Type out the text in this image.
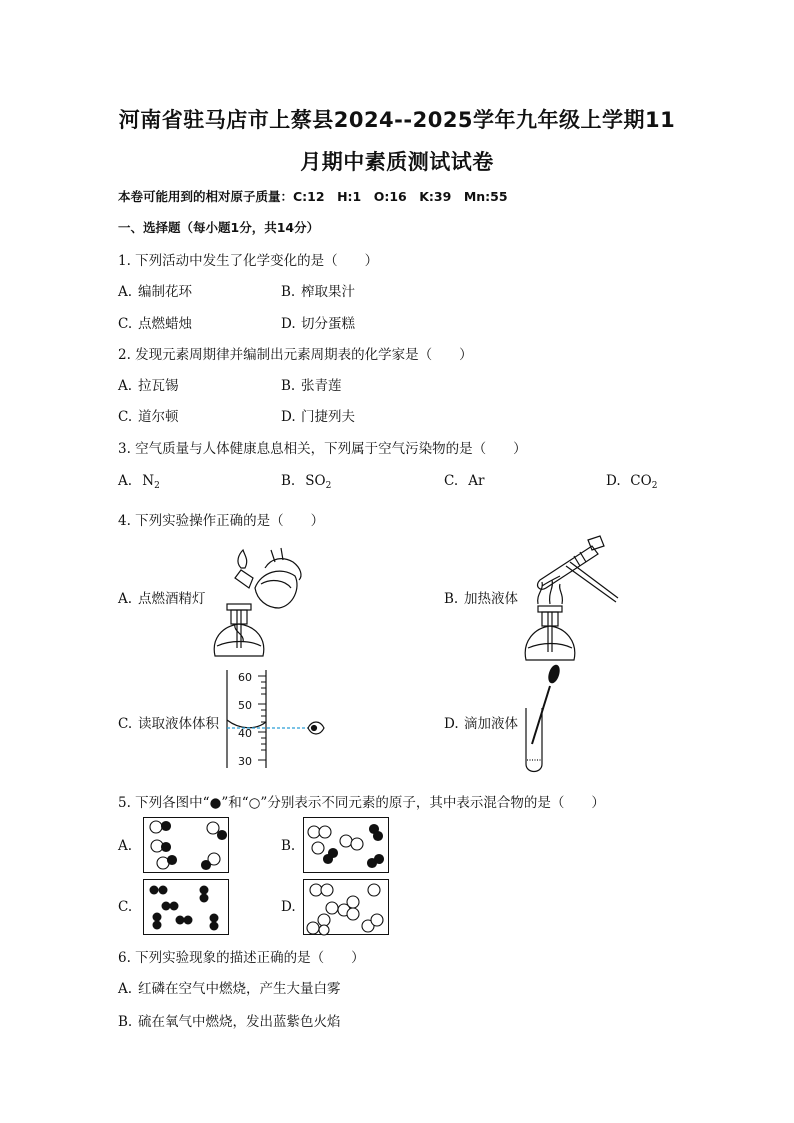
河南省驻马店市上蔡县2024--2025学年九年级上学期11
月期中素质测试试卷
本卷可能用到的相对原子质量：C:12　H:1　O:16　K:39　Mn:55
一、选择题（每小题1分，共14分）
1. 下列活动中发生了化学变化的是（　　）
A. 编制花环	B. 榨取果汁
C. 点燃蜡烛	D. 切分蛋糕
2. 发现元素周期律并编制出元素周期表的化学家是（　　）
A. 拉瓦锡	B. 张青莲
C. 道尔顿	D. 门捷列夫
3. 空气质量与人体健康息息相关，下列属于空气污染物的是（　　）
A. $N_2$	B. $SO_2$	C. Ar	D. $CO_2$
4. 下列实验操作正确的是（　　）
A. 点燃酒精灯	B. 加热液体
C. 读取液体体积
60
50
40
30
D. 滴加液体
5. 下列各图中“●”和“○”分别表示不同元素的原子，其中表示混合物的是（　　）
A.	B.
C.	D.
6. 下列实验现象的描述正确的是（　　）
A. 红磷在空气中燃烧，产生大量白雾
B. 硫在氧气中燃烧，发出蓝紫色火焰
